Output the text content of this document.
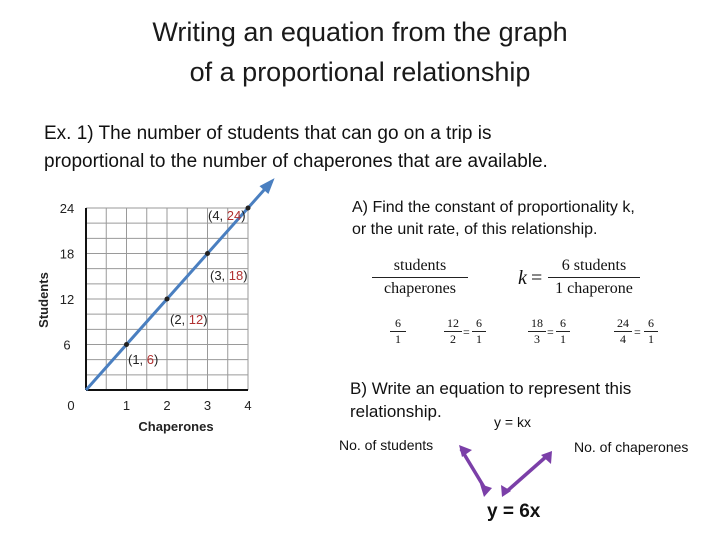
Writing an equation from the graph
of a proportional relationship
Ex. 1) The number of students that can go on a trip is
proportional to the number of chaperones that are available.
0	1	2	3	4
6
12
18
24
Chaperones
Students
(1, 6)
(2, 12)
(3, 18)
(4, 24)	A) Find the constant of proportionality k,
or the unit rate, of this relationship.
students
chaperones	k =
6 students
1 chaperone
6
1
12
2 =
6
1
18
3 =
6
1
24
4 =
6
1
B) Write an equation to represent this
relationship.
y = kx
No. of students	No. of chaperones
y = 6x
